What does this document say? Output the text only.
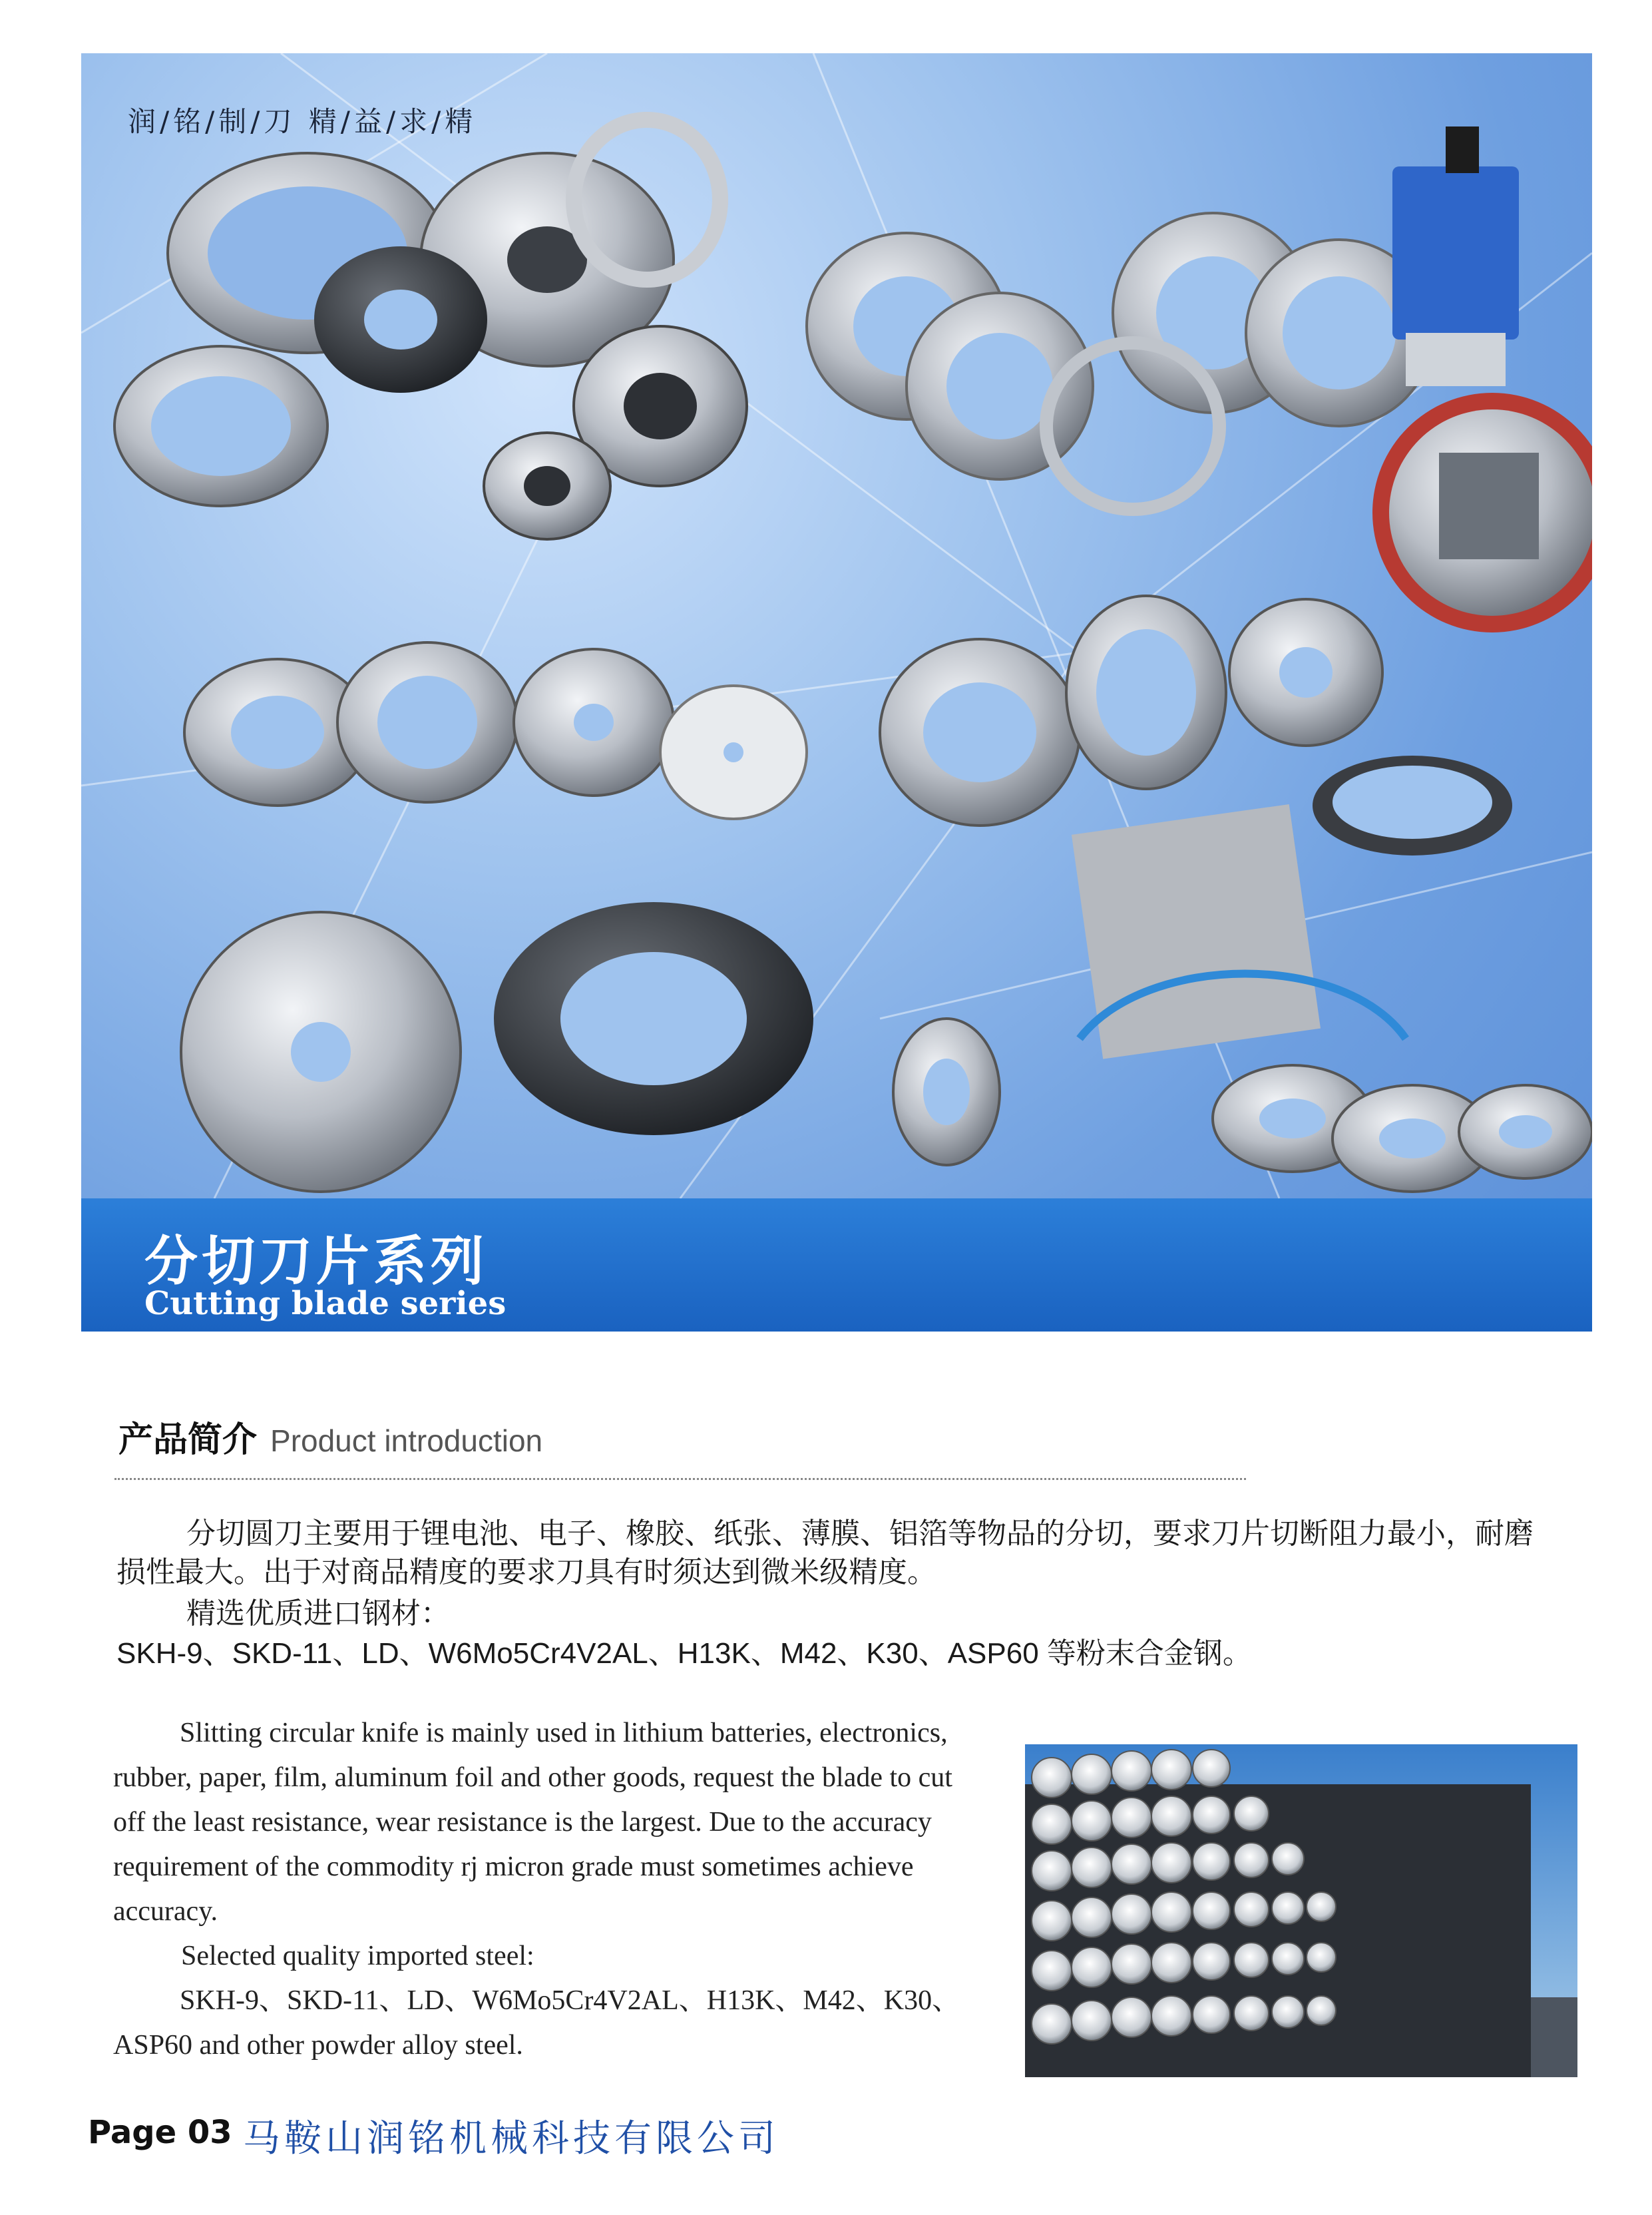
润/铭/制/刀 精/益/求/精
分切刀片系列
Cutting blade series
产品简介 Product introduction
分切圆刀主要用于锂电池、电子、橡胶、纸张、薄膜、铝箔等物品的分切，要求刀片切断阻力最小，耐磨损性最大。出于对商品精度的要求刀具有时须达到微米级精度。
精选优质进口钢材：
SKH-9、SKD-11、LD、W6Mo5Cr4V2AL、H13K、M42、K30、ASP60 等粉末合金钢。
Slitting circular knife is mainly used in lithium batteries, electronics, rubber, paper, film, aluminum foil and other goods, request the blade to cut off the least resistance, wear resistance is the largest. Due to the accuracy requirement of the commodity rj micron grade must sometimes achieve accuracy.
Selected quality imported steel:
SKH-9、SKD-11、LD、W6Mo5Cr4V2AL、H13K、M42、K30、ASP60 and other powder alloy steel.
Page 03 马鞍山润铭机械科技有限公司
